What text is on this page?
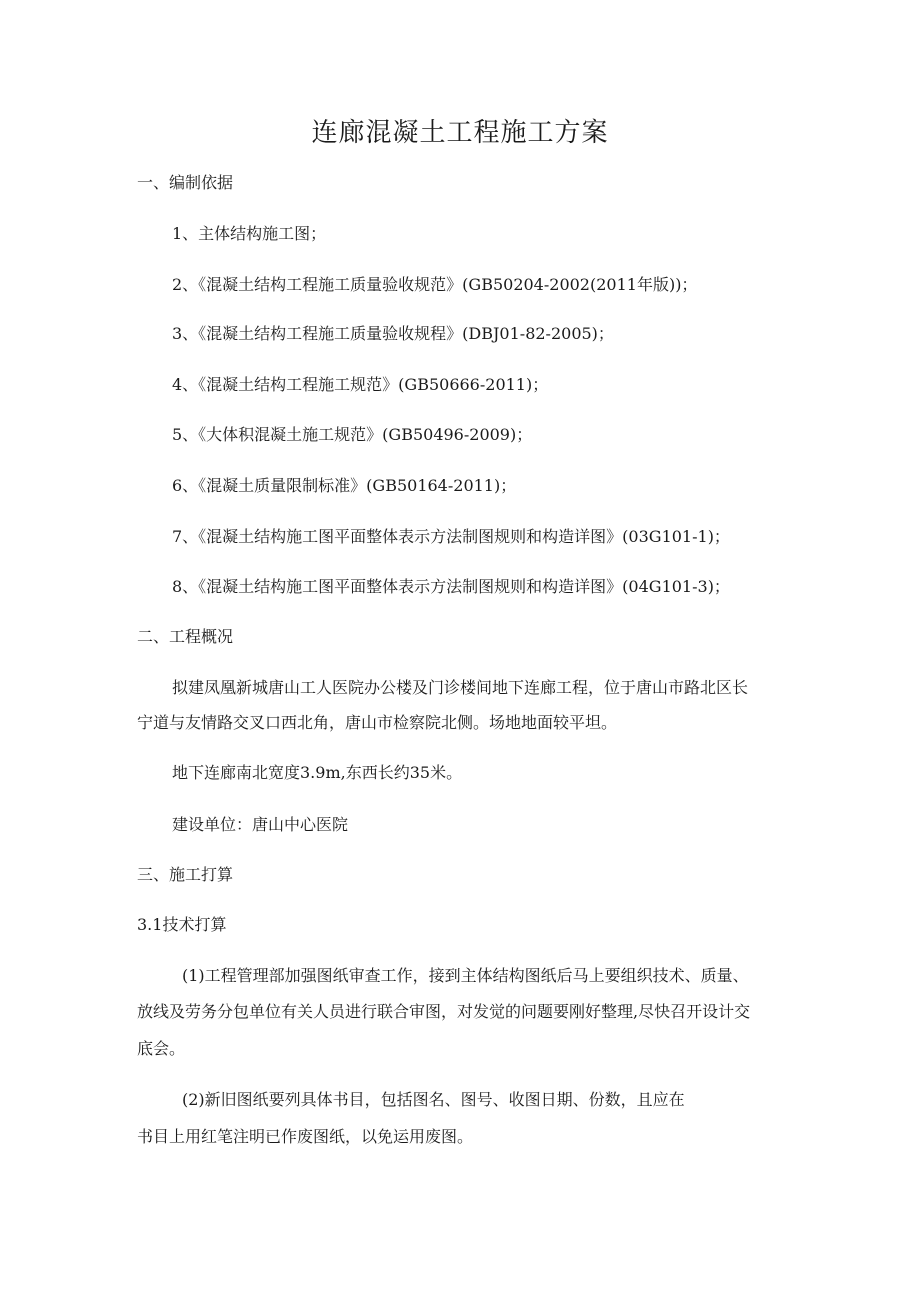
连廊混凝土工程施工方案
一、编制依据
1、主体结构施工图；
2、《混凝土结构工程施工质量验收规范》(GB50204-2002(2011年版))；
3、《混凝土结构工程施工质量验收规程》(DBJ01-82-2005)；
4、《混凝土结构工程施工规范》(GB50666-2011)；
5、《大体积混凝土施工规范》(GB50496-2009)；
6、《混凝土质量限制标准》(GB50164-2011)；
7、《混凝土结构施工图平面整体表示方法制图规则和构造详图》(03G101-1)；
8、《混凝土结构施工图平面整体表示方法制图规则和构造详图》(04G101-3)；
二、工程概况
拟建凤凰新城唐山工人医院办公楼及门诊楼间地下连廊工程，位于唐山市路北区长
宁道与友情路交叉口西北角，唐山市检察院北侧。场地地面较平坦。
地下连廊南北宽度3.9m,东西长约35米。
建设单位：唐山中心医院
三、施工打算
3.1技术打算
(1)工程管理部加强图纸审查工作，接到主体结构图纸后马上要组织技术、质量、
放线及劳务分包单位有关人员进行联合审图，对发觉的问题要刚好整理,尽快召开设计交
底会。
(2)新旧图纸要列具体书目，包括图名、图号、收图日期、份数，且应在
书目上用红笔注明已作废图纸，以免运用废图。
